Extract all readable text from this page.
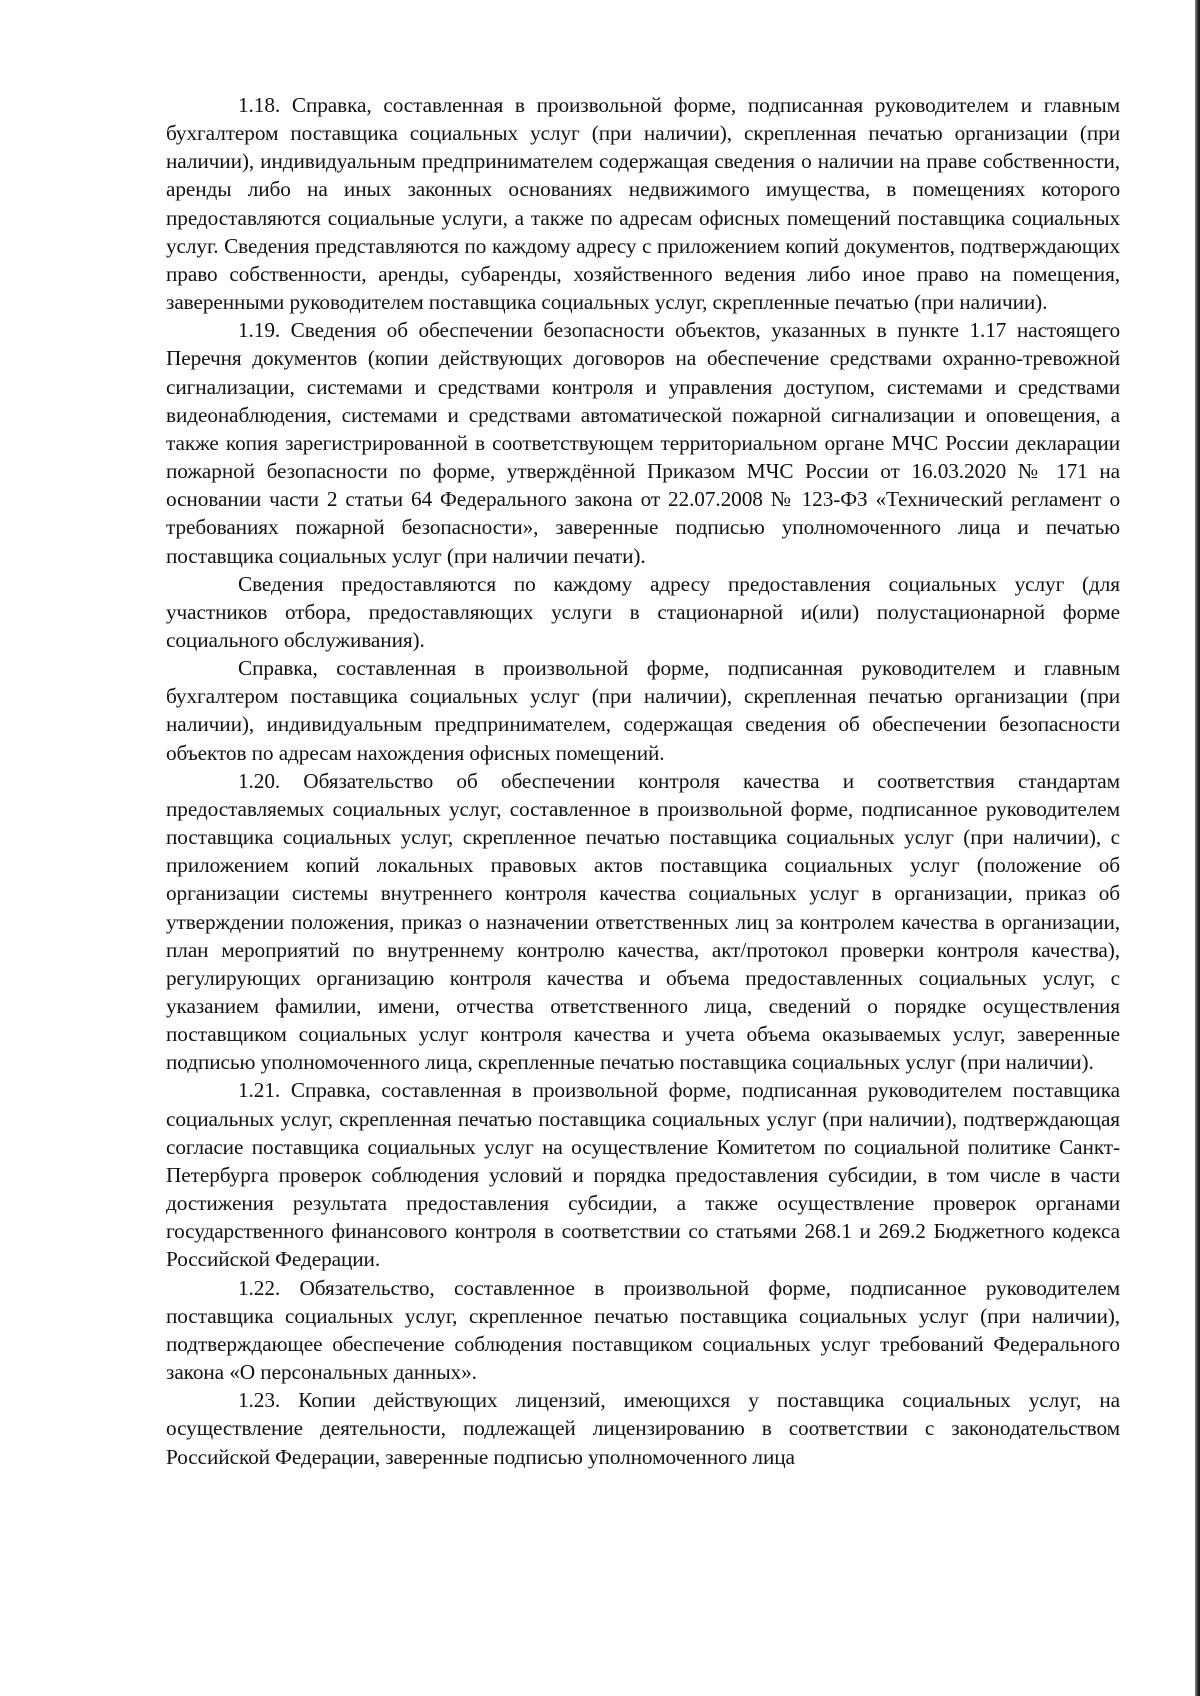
1.18. Справка, составленная в произвольной форме, подписанная руководителем и главным бухгалтером поставщика социальных услуг (при наличии), скрепленная печатью организации (при наличии), индивидуальным предпринимателем содержащая сведения о наличии на праве собственности, аренды либо на иных законных основаниях недвижимого имущества, в помещениях которого предоставляются социальные услуги, а также по адресам офисных помещений поставщика социальных услуг. Сведения представляются по каждому адресу с приложением копий документов, подтверждающих право собственности, аренды, субаренды, хозяйственного ведения либо иное право на помещения, заверенными руководителем поставщика социальных услуг, скрепленные печатью (при наличии).

1.19. Сведения об обеспечении безопасности объектов, указанных в пункте 1.17 настоящего Перечня документов (копии действующих договоров на обеспечение средствами охранно-тревожной сигнализации, системами и средствами контроля и управления доступом, системами и средствами видеонаблюдения, системами и средствами автоматической пожарной сигнализации и оповещения, а также копия зарегистрированной в соответствующем территориальном органе МЧС России декларации пожарной безопасности по форме, утверждённой Приказом МЧС России от 16.03.2020 № 171 на основании части 2 статьи 64 Федерального закона от 22.07.2008 № 123-ФЗ «Технический регламент о требованиях пожарной безопасности», заверенные подписью уполномоченного лица и печатью поставщика социальных услуг (при наличии печати).

Сведения предоставляются по каждому адресу предоставления социальных услуг (для участников отбора, предоставляющих услуги в стационарной и(или) полустационарной форме социального обслуживания).

Справка, составленная в произвольной форме, подписанная руководителем и главным бухгалтером поставщика социальных услуг (при наличии), скрепленная печатью организации (при наличии), индивидуальным предпринимателем, содержащая сведения об обеспечении безопасности объектов по адресам нахождения офисных помещений.

1.20. Обязательство об обеспечении контроля качества и соответствия стандартам предоставляемых социальных услуг, составленное в произвольной форме, подписанное руководителем поставщика социальных услуг, скрепленное печатью поставщика социальных услуг (при наличии), с приложением копий локальных правовых актов поставщика социальных услуг (положение об организации системы внутреннего контроля качества социальных услуг в организации, приказ об утверждении положения, приказ о назначении ответственных лиц за контролем качества в организации, план мероприятий по внутреннему контролю качества, акт/протокол проверки контроля качества), регулирующих организацию контроля качества и объема предоставленных социальных услуг, с указанием фамилии, имени, отчества ответственного лица, сведений о порядке осуществления поставщиком социальных услуг контроля качества и учета объема оказываемых услуг, заверенные подписью уполномоченного лица, скрепленные печатью поставщика социальных услуг (при наличии).

1.21. Справка, составленная в произвольной форме, подписанная руководителем поставщика социальных услуг, скрепленная печатью поставщика социальных услуг (при наличии), подтверждающая согласие поставщика социальных услуг на осуществление Комитетом по социальной политике Санкт-Петербурга проверок соблюдения условий и порядка предоставления субсидии, в том числе в части достижения результата предоставления субсидии, а также осуществление проверок органами государственного финансового контроля в соответствии со статьями 268.1 и 269.2 Бюджетного кодекса Российской Федерации.

1.22. Обязательство, составленное в произвольной форме, подписанное руководителем поставщика социальных услуг, скрепленное печатью поставщика социальных услуг (при наличии), подтверждающее обеспечение соблюдения поставщиком социальных услуг требований Федерального закона «О персональных данных».

1.23. Копии действующих лицензий, имеющихся у поставщика социальных услуг, на осуществление деятельности, подлежащей лицензированию в соответствии с законодательством Российской Федерации, заверенные подписью уполномоченного лица
